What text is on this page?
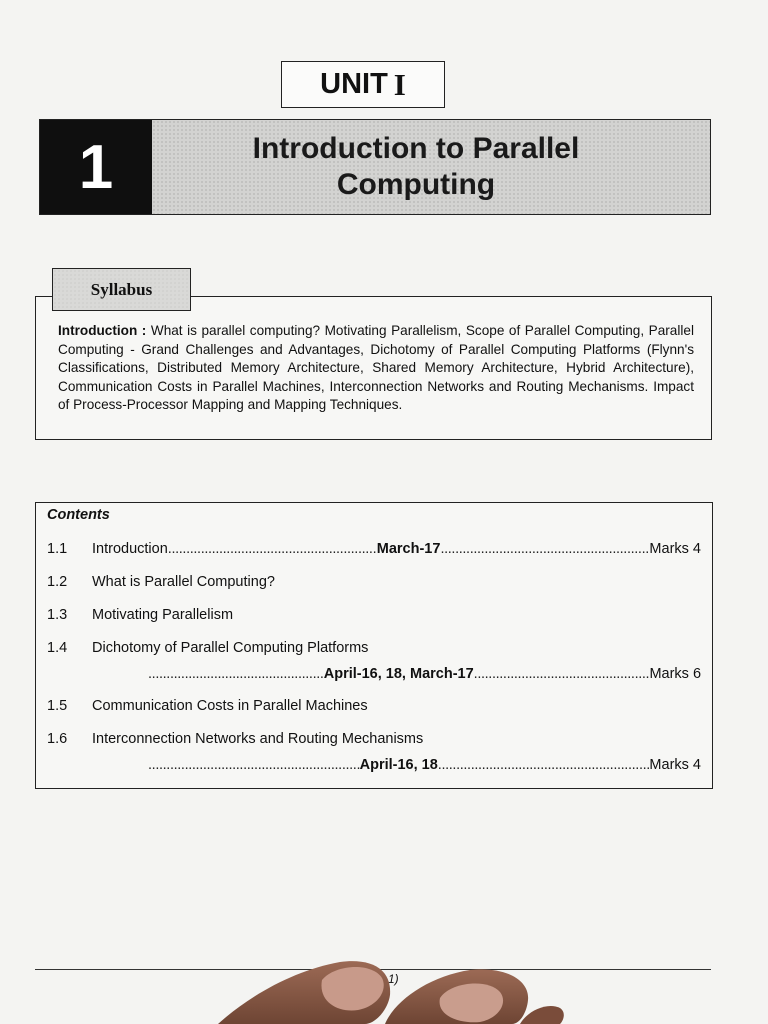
UNIT I
1	Introduction to Parallel
Computing
Syllabus
Introduction : What is parallel computing? Motivating Parallelism, Scope of Parallel Computing, Parallel Computing - Grand Challenges and Advantages, Dichotomy of Parallel Computing Platforms (Flynn's Classifications, Distributed Memory Architecture, Shared Memory Architecture, Hybrid Architecture), Communication Costs in Parallel Machines, Interconnection Networks and Routing Mechanisms. Impact of Process-Processor Mapping and Mapping Techniques.
Contents
1.1 Introduction . . .	March-17 . . .	Marks 4
1.2 What is Parallel Computing?
1.3 Motivating Parallelism
1.4 Dichotomy of Parallel Computing Platforms
. . .
April-16, 18, March-17 . . .	Marks 6
1.5 Communication Costs in Parallel Machines
1.6 Interconnection Networks and Routing Mechanisms
. . .
April-16, 18 . . .	Marks 4
1)
